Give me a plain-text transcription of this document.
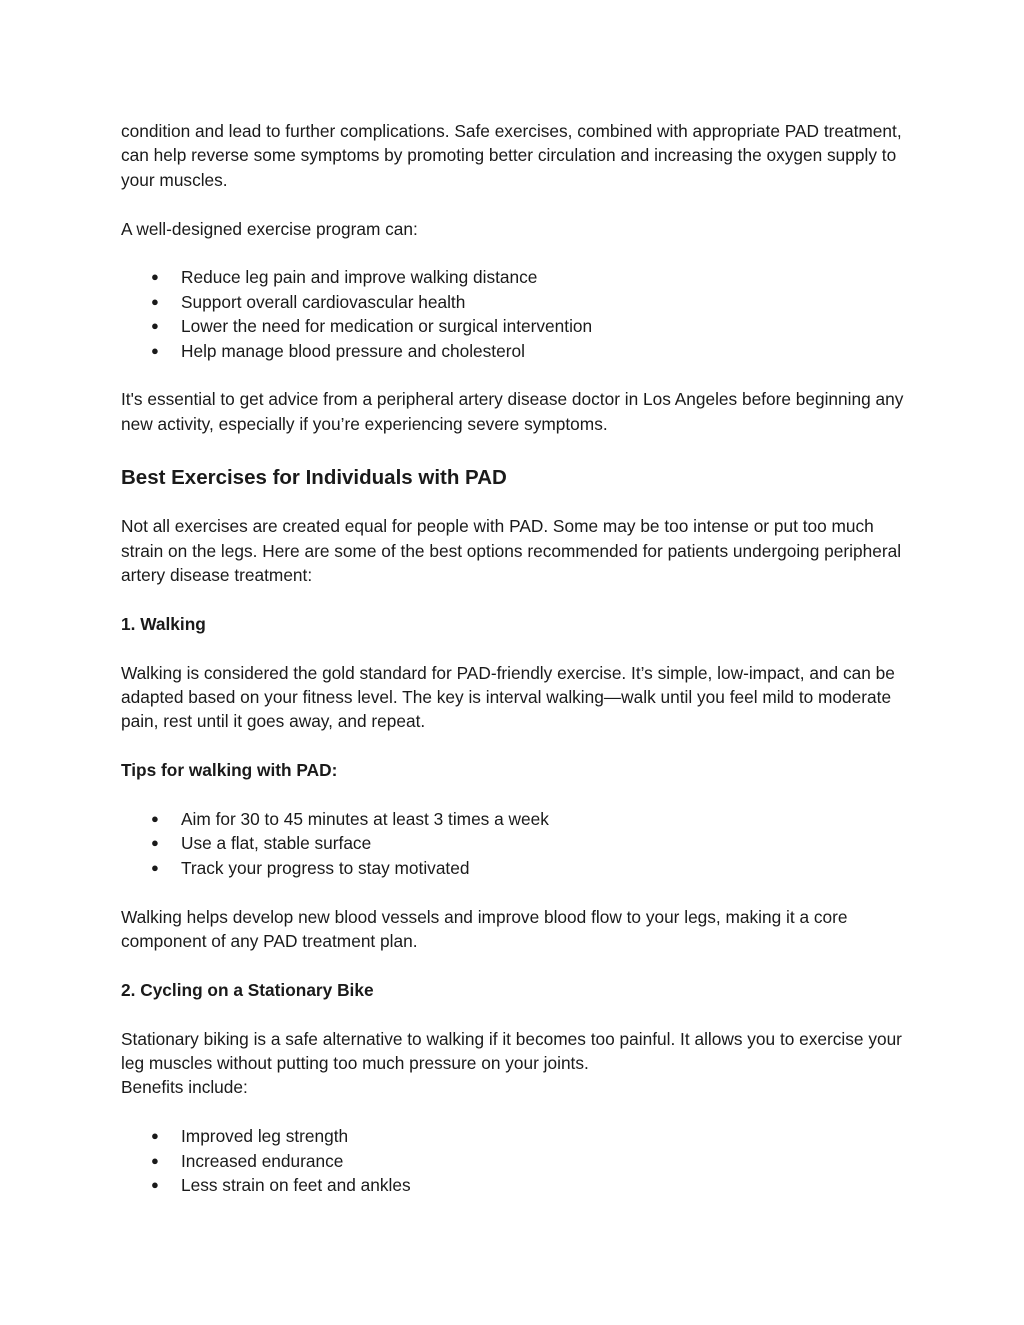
condition and lead to further complications. Safe exercises, combined with appropriate PAD treatment, can help reverse some symptoms by promoting better circulation and increasing the oxygen supply to your muscles.

A well-designed exercise program can:

● Reduce leg pain and improve walking distance
● Support overall cardiovascular health
● Lower the need for medication or surgical intervention
● Help manage blood pressure and cholesterol

It's essential to get advice from a peripheral artery disease doctor in Los Angeles before beginning any new activity, especially if you’re experiencing severe symptoms.

Best Exercises for Individuals with PAD

Not all exercises are created equal for people with PAD. Some may be too intense or put too much strain on the legs. Here are some of the best options recommended for patients undergoing peripheral artery disease treatment:

1. Walking

Walking is considered the gold standard for PAD-friendly exercise. It’s simple, low-impact, and can be adapted based on your fitness level. The key is interval walking—walk until you feel mild to moderate pain, rest until it goes away, and repeat.

Tips for walking with PAD:
● Aim for 30 to 45 minutes at least 3 times a week
● Use a flat, stable surface
● Track your progress to stay motivated

Walking helps develop new blood vessels and improve blood flow to your legs, making it a core component of any PAD treatment plan.

2. Cycling on a Stationary Bike

Stationary biking is a safe alternative to walking if it becomes too painful. It allows you to exercise your leg muscles without putting too much pressure on your joints.

Benefits include:

● Improved leg strength
● Increased endurance
● Less strain on feet and ankles
